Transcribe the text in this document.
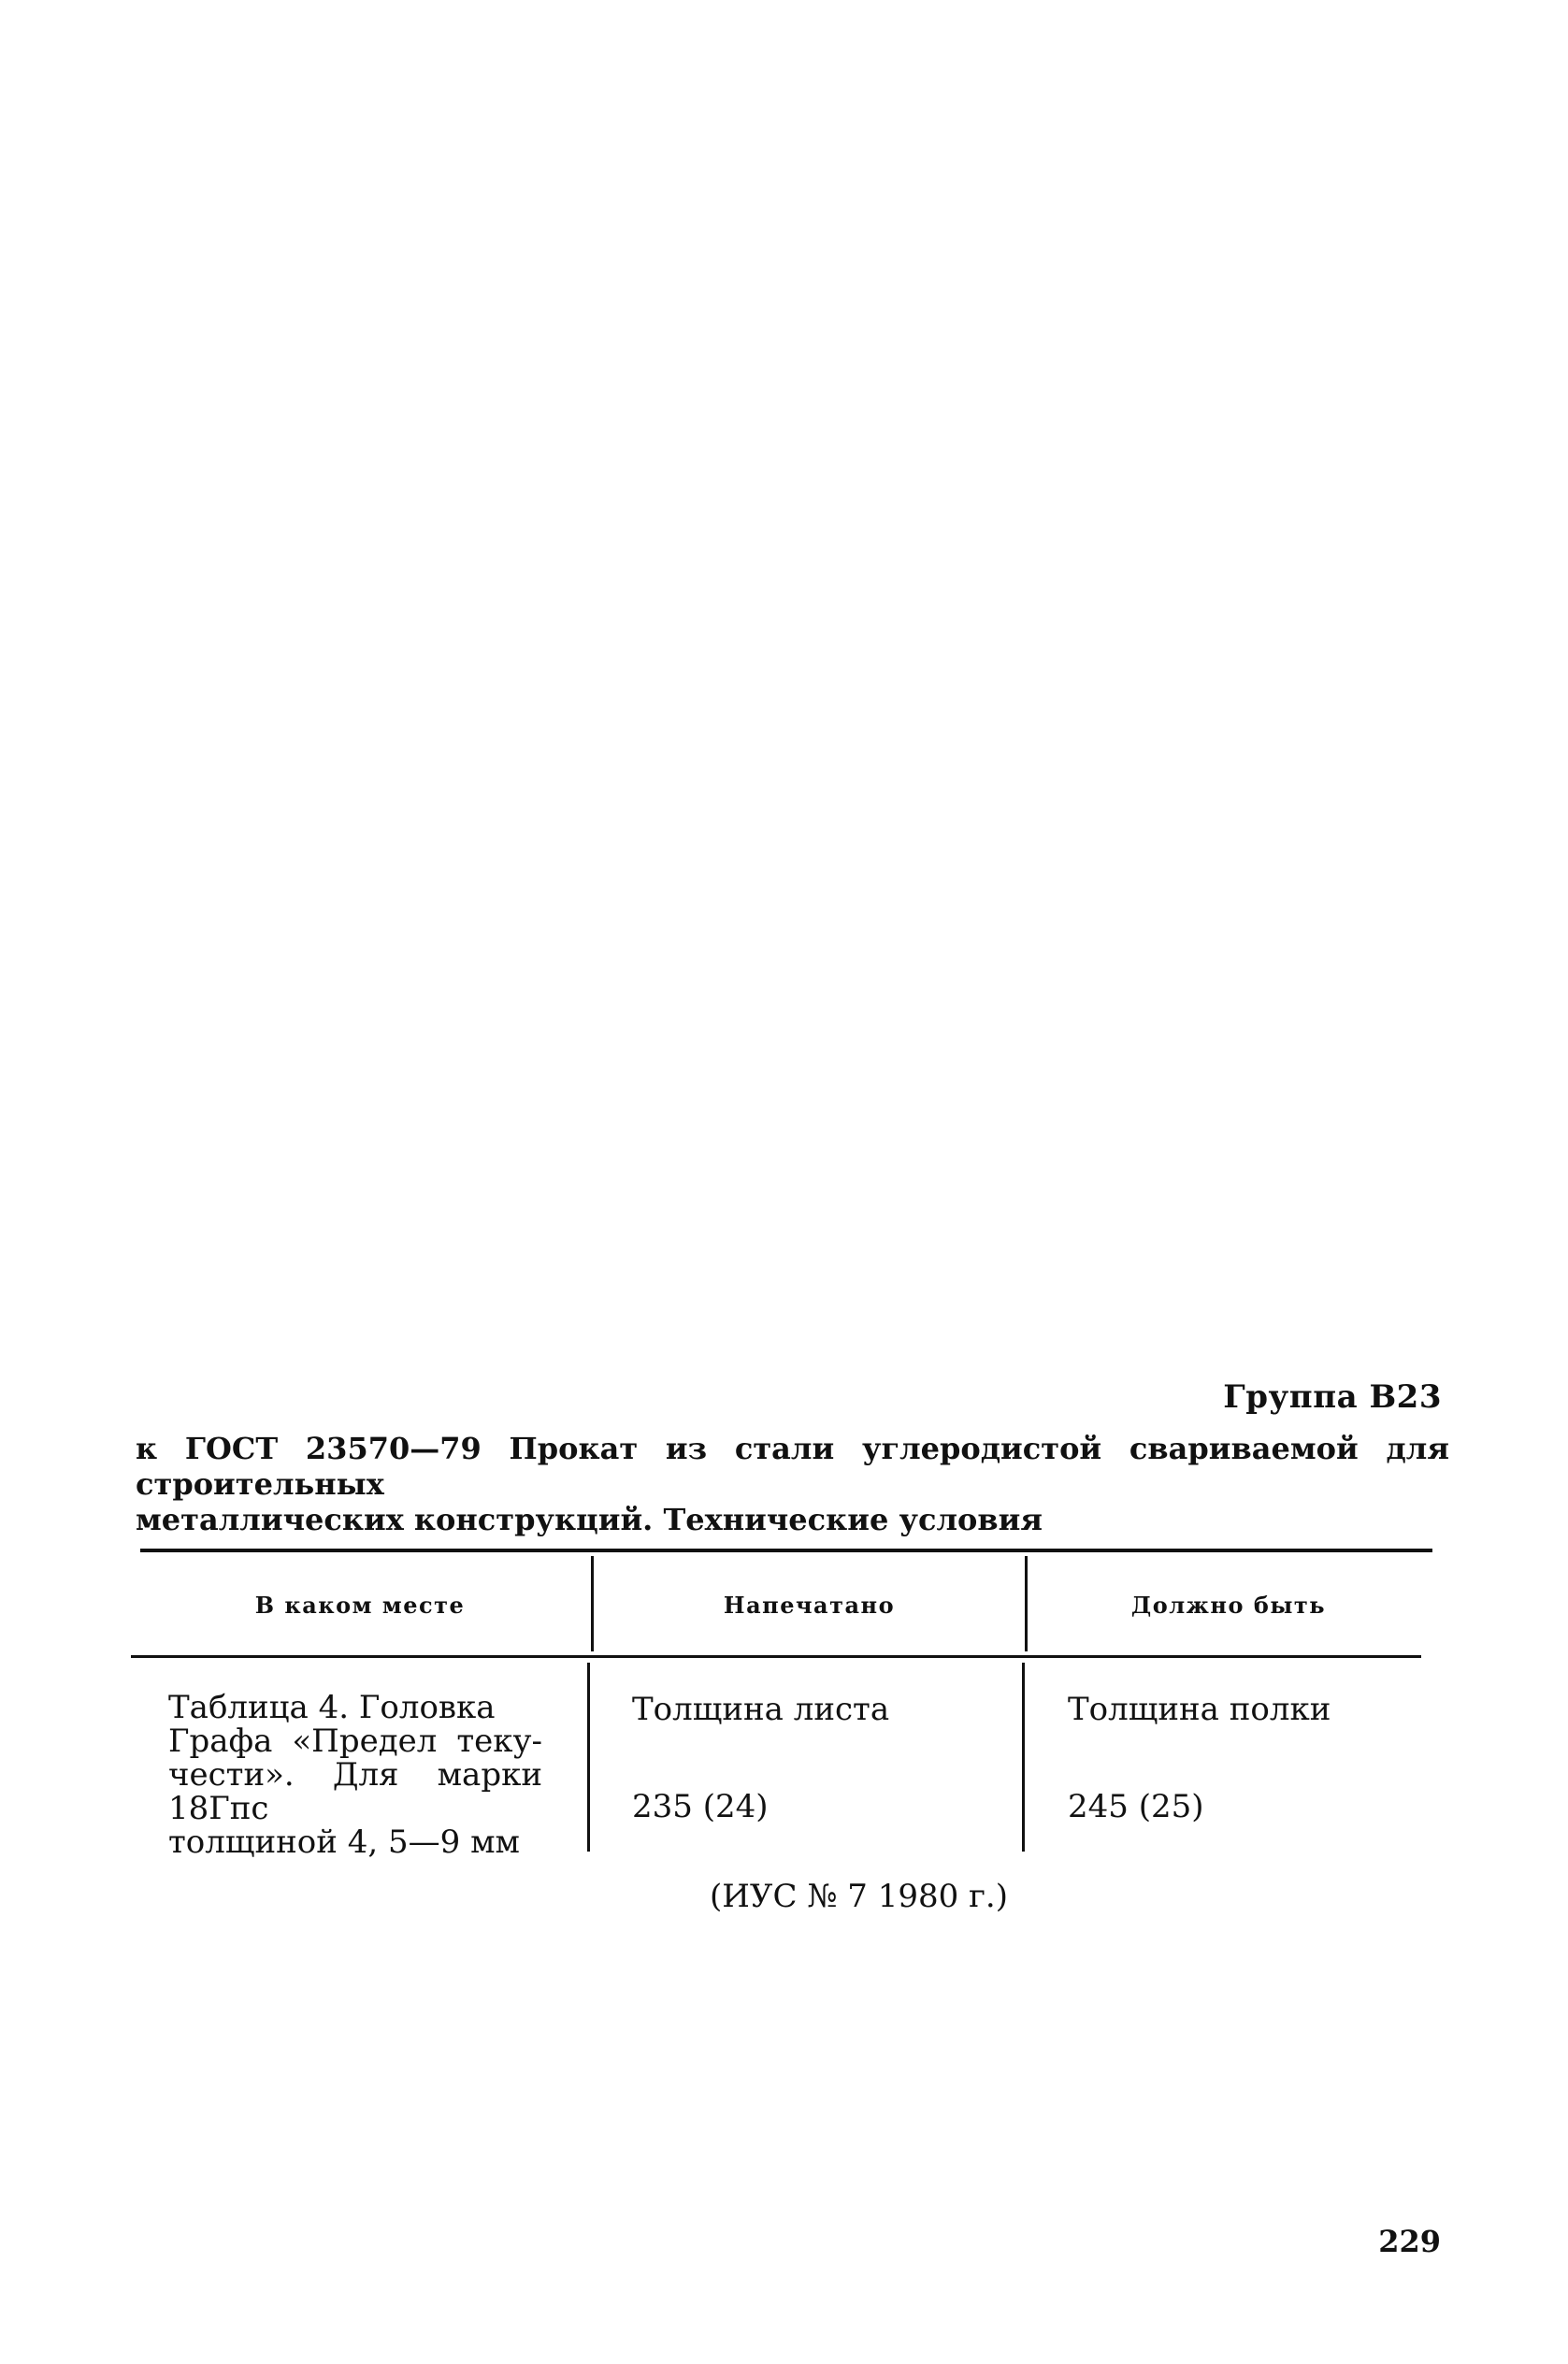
Группа В23
к ГОСТ 23570—79 Прокат из стали углеродистой свариваемой для строительных
металлических конструкций. Технические условия
В каком месте	Напечатано	Должно быть
Таблица 4. Головка
Графа «Предел теку-
чести». Для марки 18Гпс
толщиной 4, 5—9 мм
Толщина листа
235 (24)
Толщина полки
245 (25)
(ИУС № 7 1980 г.)
229
